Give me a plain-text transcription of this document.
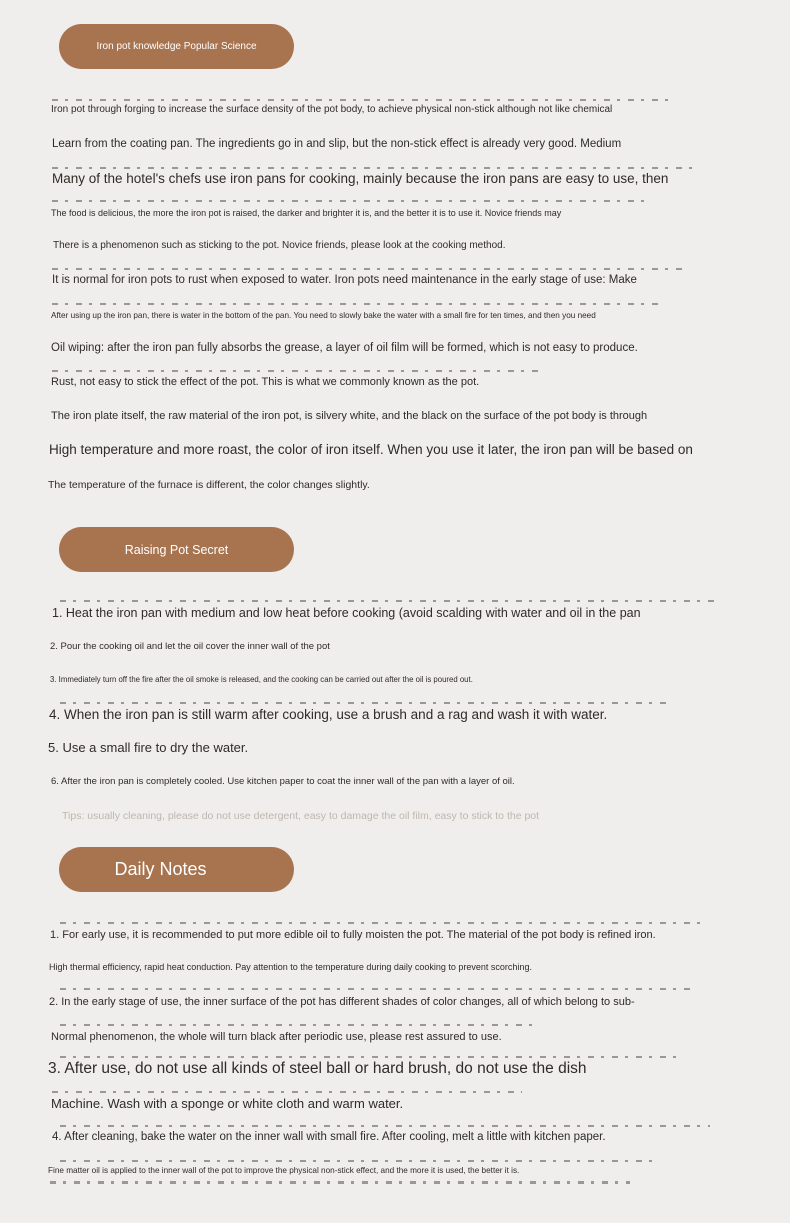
Iron pot knowledge Popular Science

Iron pot through forging to increase the surface density of the pot body, to achieve physical non-stick although not like chemical

Learn from the coating pan. The ingredients go in and slip, but the non-stick effect is already very good. Medium

Many of the hotel's chefs use iron pans for cooking, mainly because the iron pans are easy to use, then

The food is delicious, the more the iron pot is raised, the darker and brighter it is, and the better it is to use it. Novice friends may

There is a phenomenon such as sticking to the pot. Novice friends, please look at the cooking method.

It is normal for iron pots to rust when exposed to water. Iron pots need maintenance in the early stage of use: Make

After using up the iron pan, there is water in the bottom of the pan. You need to slowly bake the water with a small fire for ten times, and then you need

Oil wiping: after the iron pan fully absorbs the grease, a layer of oil film will be formed, which is not easy to produce.

Rust, not easy to stick the effect of the pot. This is what we commonly known as the pot.

The iron plate itself, the raw material of the iron pot, is silvery white, and the black on the surface of the pot body is through

High temperature and more roast, the color of iron itself. When you use it later, the iron pan will be based on

The temperature of the furnace is different, the color changes slightly.

Raising Pot Secret

1. Heat the iron pan with medium and low heat before cooking (avoid scalding with water and oil in the pan

2. Pour the cooking oil and let the oil cover the inner wall of the pot

3. Immediately turn off the fire after the oil smoke is released, and the cooking can be carried out after the oil is poured out.

4. When the iron pan is still warm after cooking, use a brush and a rag and wash it with water.

5. Use a small fire to dry the water.

6. After the iron pan is completely cooled. Use kitchen paper to coat the inner wall of the pan with a layer of oil.

Tips: usually cleaning, please do not use detergent, easy to damage the oil film, easy to stick to the pot

Daily Notes

1. For early use, it is recommended to put more edible oil to fully moisten the pot. The material of the pot body is refined iron.

High thermal efficiency, rapid heat conduction. Pay attention to the temperature during daily cooking to prevent scorching.

2. In the early stage of use, the inner surface of the pot has different shades of color changes, all of which belong to sub-

Normal phenomenon, the whole will turn black after periodic use, please rest assured to use.

3. After use, do not use all kinds of steel ball or hard brush, do not use the dish

Machine. Wash with a sponge or white cloth and warm water.

4. After cleaning, bake the water on the inner wall with small fire. After cooling, melt a little with kitchen paper.

Fine matter oil is applied to the inner wall of the pot to improve the physical non-stick effect, and the more it is used, the better it is.
